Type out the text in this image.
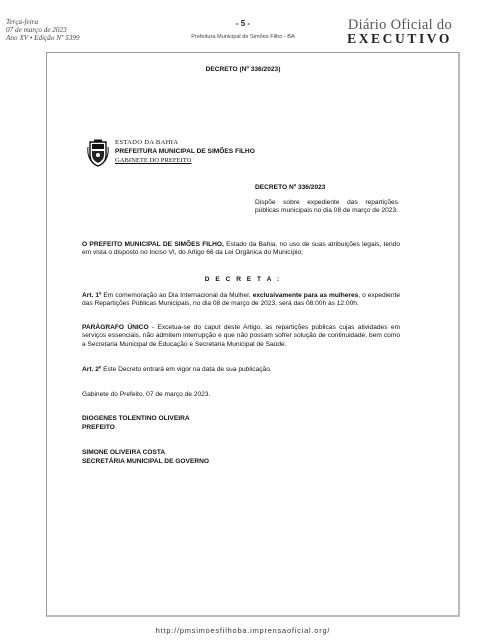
Terça-feira
07 de março de 2023
Ano XV • Edição Nº 5399
- 5 -
Prefeitura Municipal de Simões Filho - BA
Diário Oficial do
EXECUTIVO
DECRETO (Nº 336/2023)
ESTADO DA BAHIA
PREFEITURA MUNICIPAL DE SIMÕES FILHO
GABINETE DO PREFEITO
DECRETO Nº 336/2023
Dispõe sobre expediente das repartições públicas municipais no dia 08 de março de 2023.
O PREFEITO MUNICIPAL DE SIMÕES FILHO, Estado da Bahia, no uso de suas atribuições legais, tendo em vista o disposto no Inciso VI, do Artigo 66 da Lei Orgânica do Município;
D E C R E T A :
Art. 1º Em comemoração ao Dia Internacional da Mulher, exclusivamente para as mulheres, o expediente das Repartições Públicas Municipais, no dia 08 de março de 2023, será das 08:00h às 12:00h.
PARÁGRAFO ÚNICO - Excetua-se do caput deste Artigo, as repartições públicas cujas atividades em serviços essenciais, não admitem interrupção e que não possam sofrer solução de continuidade, bem como a Secretaria Municipal de Educação e Secretaria Municipal de Saúde.
Art. 2º Este Decreto entrará em vigor na data de sua publicação.
Gabinete do Prefeito, 07 de março de 2023.
DIOGENES TOLENTINO OLIVEIRA
PREFEITO
SIMONE OLIVEIRA COSTA
SECRETÁRIA MUNICIPAL DE GOVERNO
http://pmsimoesfilhoba.imprensaoficial.org/
